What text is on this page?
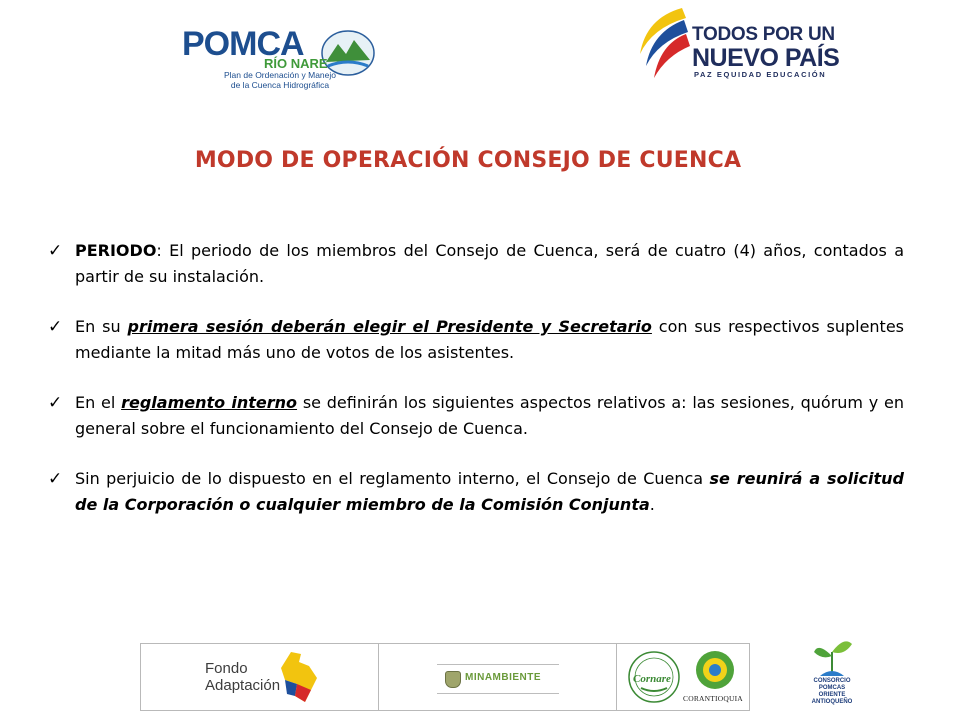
POMCA
RÍO NARE
Plan de Ordenación y Manejo
de la Cuenca Hidrográfica
TODOS POR UN
NUEVO PAÍS
PAZ EQUIDAD EDUCACIÓN
MODO DE OPERACIÓN CONSEJO DE CUENCA
✓ PERIODO: El periodo de los miembros del Consejo de Cuenca, será de cuatro (4) años, contados a partir de su instalación.
✓ En su primera sesión deberán elegir el Presidente y Secretario con sus respectivos suplentes mediante la mitad más uno de votos de los asistentes.
✓ En el reglamento interno se definirán los siguientes aspectos relativos a: las sesiones, quórum y en general sobre el funcionamiento del Consejo de Cuenca.
✓ Sin perjuicio de lo dispuesto en el reglamento interno, el Consejo de Cuenca se reunirá a solicitud de la Corporación o cualquier miembro de la Comisión Conjunta.
Fondo
Adaptación	MINAMBIENTE	Cornare
CORANTIOQUIA
CONSORCIO POMCAS
ORIENTE ANTIOQUEÑO
